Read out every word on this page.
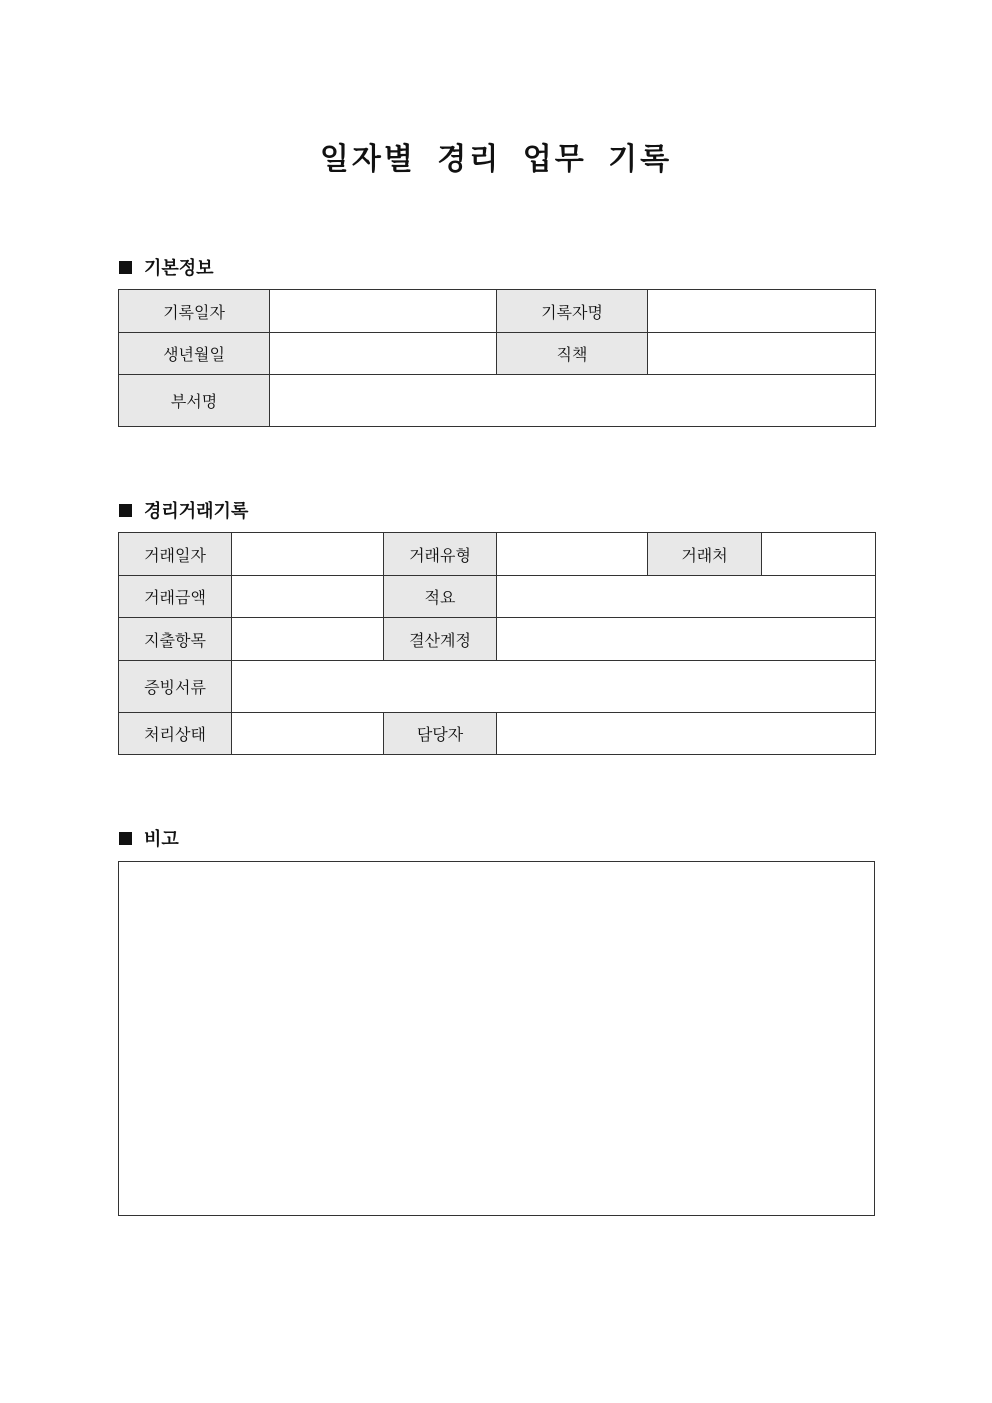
일자별 경리 업무 기록
기본정보
기록일자		기록자명	
생년월일		직책	
부서명			
경리거래기록
거래일자		거래유형		거래처	
거래금액		적요			
지출항목		결산계정			
증빙서류					
처리상태		담당자			
비고
